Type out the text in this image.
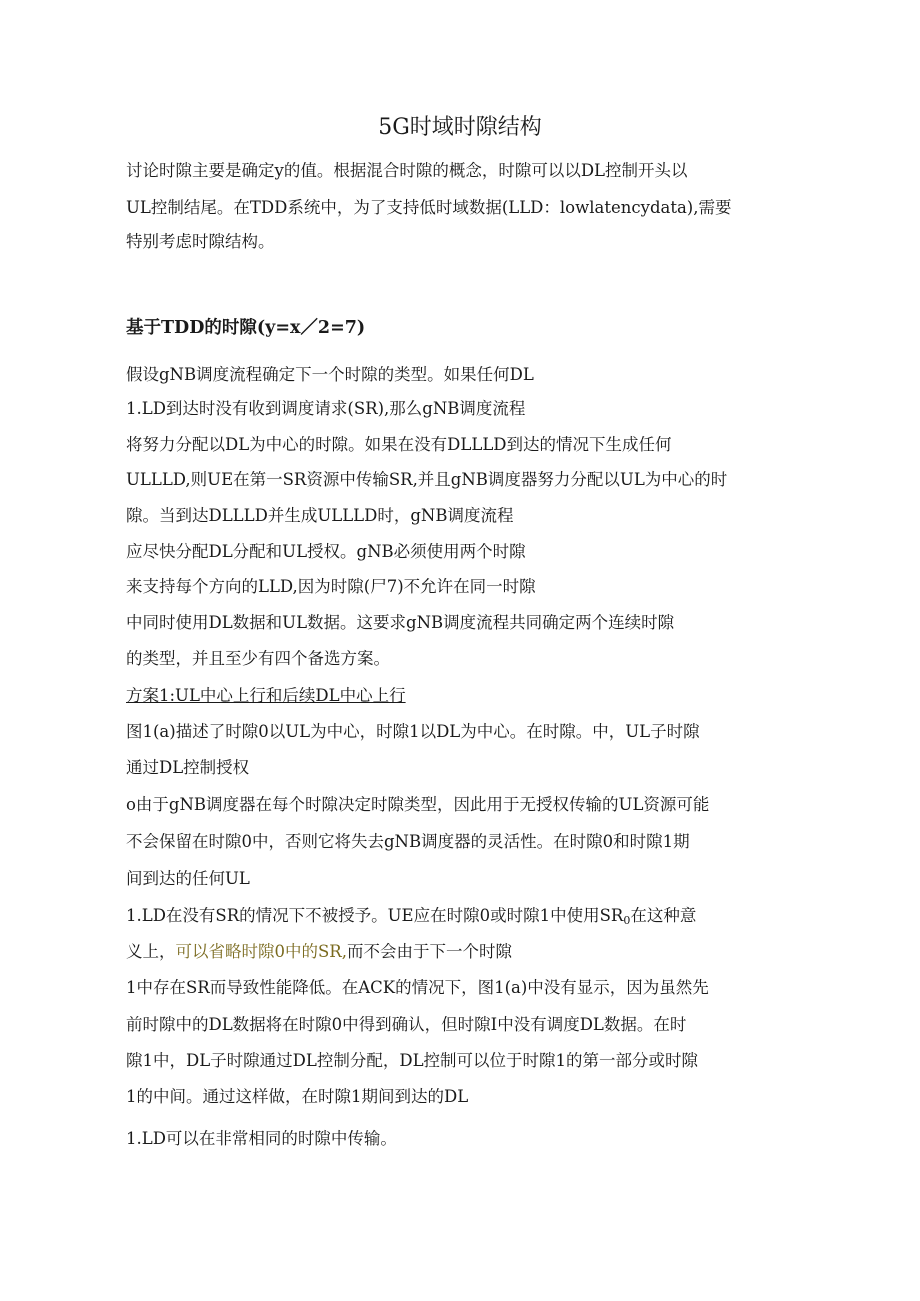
5G时域时隙结构
讨论时隙主要是确定y的值。根据混合时隙的概念，时隙可以以DL控制开头以
UL控制结尾。在TDD系统中，为了支持低时域数据(LLD：lowlatencydata),需要
特别考虑时隙结构。
基于TDD的时隙(y=x／2=7)
假设gNB调度流程确定下一个时隙的类型。如果任何DL
1.LD到达时没有收到调度请求(SR),那么gNB调度流程
将努力分配以DL为中心的时隙。如果在没有DLLLD到达的情况下生成任何
ULLLD,则UE在第一SR资源中传输SR,并且gNB调度器努力分配以UL为中心的时
隙。当到达DLLLD并生成ULLLD时，gNB调度流程
应尽快分配DL分配和UL授权。gNB必须使用两个时隙
来支持每个方向的LLD,因为时隙(尸7)不允许在同一时隙
中同时使用DL数据和UL数据。这要求gNB调度流程共同确定两个连续时隙
的类型，并且至少有四个备选方案。
方案1:UL中心上行和后续DL中心上行
图1(a)描述了时隙0以UL为中心，时隙1以DL为中心。在时隙。中，UL子时隙
通过DL控制授权
o由于gNB调度器在每个时隙决定时隙类型，因此用于无授权传输的UL资源可能
不会保留在时隙0中，否则它将失去gNB调度器的灵活性。在时隙0和时隙1期
间到达的任何UL
1.LD在没有SR的情况下不被授予。UE应在时隙0或时隙1中使用$SR_0$在这种意
义上，可以省略时隙0中的SR,而不会由于下一个时隙
1中存在SR而导致性能降低。在ACK的情况下，图1(a)中没有显示，因为虽然先
前时隙中的DL数据将在时隙0中得到确认，但时隙I中没有调度DL数据。在时
隙1中，DL子时隙通过DL控制分配，DL控制可以位于时隙1的第一部分或时隙
1的中间。通过这样做，在时隙1期间到达的DL
1.LD可以在非常相同的时隙中传输。
